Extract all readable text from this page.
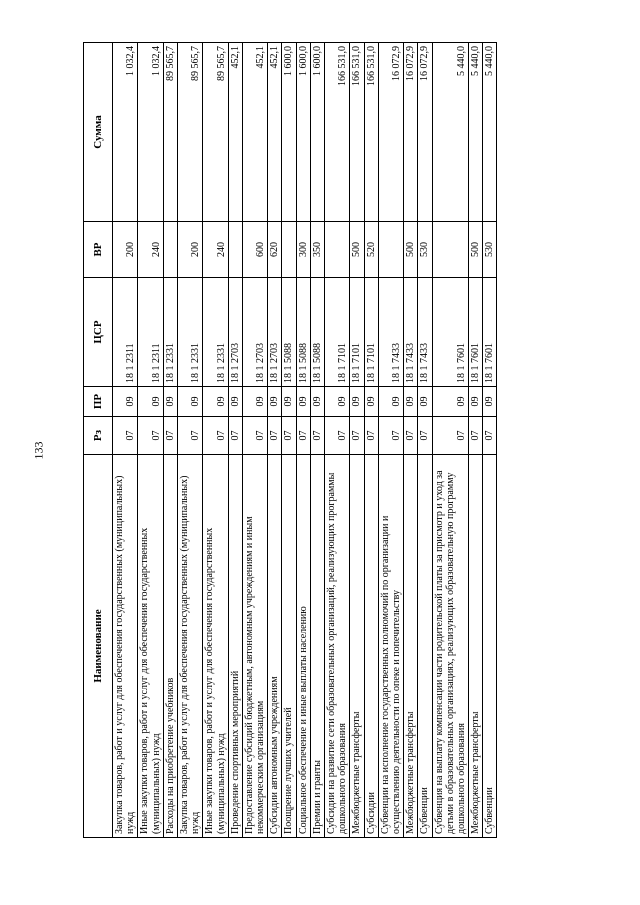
133
Наименование	Рз	ПР	ЦСР	ВР	Сумма
Закупка товаров, работ и услуг для обеспечения государственных (муниципальных) нужд	07	09	18 1 2311	200	1 032,4
Иные закупки товаров, работ и услуг для обеспечения государственных (муниципальных) нужд	07	09	18 1 2311	240	1 032,4
Расходы на приобретение учебников	07	09	18 1 2331		89 565,7
Закупка товаров, работ и услуг для обеспечения государственных (муниципальных) нужд	07	09	18 1 2331	200	89 565,7
Иные закупки товаров, работ и услуг для обеспечения государственных (муниципальных) нужд	07	09	18 1 2331	240	89 565,7
Проведение спортивных мероприятий	07	09	18 1 2703		452,1
Предоставление субсидий бюджетным, автономным учреждениям и иным некоммерческим организациям	07	09	18 1 2703	600	452,1
Субсидии автономным учреждениям	07	09	18 1 2703	620	452,1
Поощрение лучших учителей	07	09	18 1 5088		1 600,0
Социальное обеспечение и иные выплаты населению	07	09	18 1 5088	300	1 600,0
Премии и гранты	07	09	18 1 5088	350	1 600,0
Субсидии на развитие сети образовательных организаций, реализующих программы дошкольного образования	07	09	18 1 7101		166 531,0
Межбюджетные трансферты	07	09	18 1 7101	500	166 531,0
Субсидии	07	09	18 1 7101	520	166 531,0
Субвенции на исполнение государственных полномочий по организации и осуществлению деятельности по опеке и попечительству	07	09	18 1 7433		16 072,9
Межбюджетные трансферты	07	09	18 1 7433	500	16 072,9
Субвенции	07	09	18 1 7433	530	16 072,9
Субвенция на выплату компенсации части родительской платы за присмотр и уход за детьми в образовательных организациях, реализующих образовательную программу дошкольного образования	07	09	18 1 7601		5 440,0
Межбюджетные трансферты	07	09	18 1 7601	500	5 440,0
Субвенции	07	09	18 1 7601	530	5 440,0
